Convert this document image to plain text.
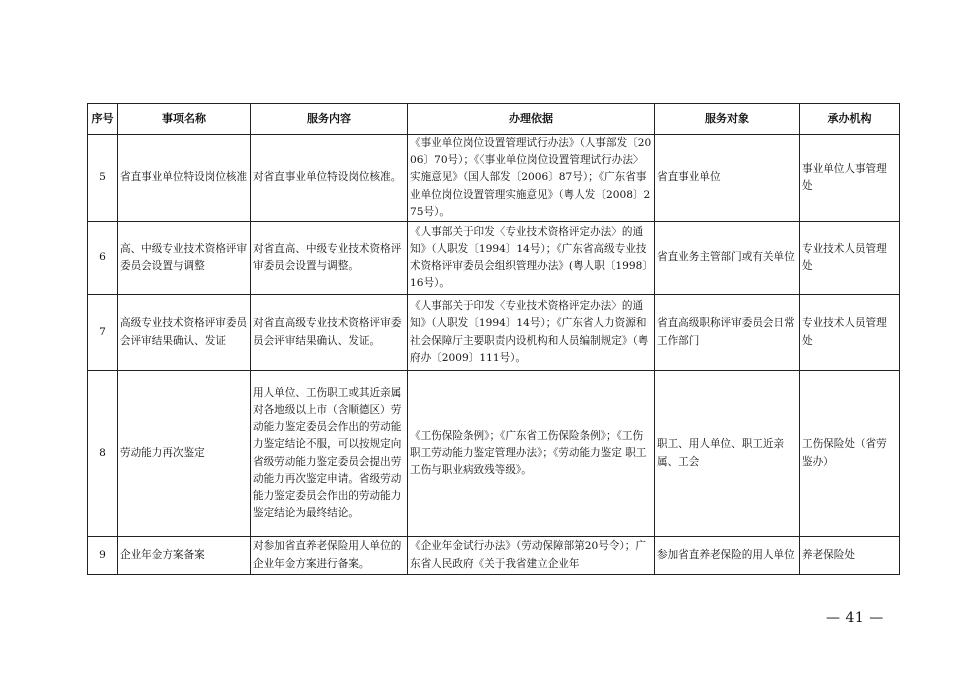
序号	事项名称	服务内容	办理依据	服务对象	承办机构
5	省直事业单位特设岗位核准	对省直事业单位特设岗位核准。	《事业单位岗位设置管理试行办法》（人事部发〔2006〕70号）；《〈事业单位岗位设置管理试行办法〉实施意见》（国人部发〔2006〕87号）；《广东省事业单位岗位设置管理实施意见》（粤人发〔2008〕275号）。	省直事业单位	事业单位人事管理处
6	高、中级专业技术资格评审委员会设置与调整	对省直高、中级专业技术资格评审委员会设置与调整。	《人事部关于印发〈专业技术资格评定办法〉的通知》（人职发〔1994〕14号）；《广东省高级专业技术资格评审委员会组织管理办法》(粤人职〔1998〕16号）。	省直业务主管部门或有关单位	专业技术人员管理处
7	高级专业技术资格评审委员会评审结果确认、发证	对省直高级专业技术资格评审委员会评审结果确认、发证。	《人事部关于印发〈专业技术资格评定办法〉的通知》（人职发〔1994〕14号）；《广东省人力资源和社会保障厅主要职责内设机构和人员编制规定》（粤府办〔2009〕111号）。	省直高级职称评审委员会日常工作部门	专业技术人员管理处
8	劳动能力再次鉴定	用人单位、工伤职工或其近亲属对各地级以上市（含顺德区）劳动能力鉴定委员会作出的劳动能力鉴定结论不服，可以按规定向省级劳动能力鉴定委员会提出劳动能力再次鉴定申请。省级劳动能力鉴定委员会作出的劳动能力鉴定结论为最终结论。	《工伤保险条例》；《广东省工伤保险条例》；《工伤职工劳动能力鉴定管理办法》；《劳动能力鉴定 职工工伤与职业病致残等级》。	职工、用人单位、职工近亲属、工会	工伤保险处（省劳鉴办）
9	企业年金方案备案	对参加省直养老保险用人单位的企业年金方案进行备案。	《企业年金试行办法》（劳动保障部第20号令）；广东省人民政府《关于我省建立企业年	参加省直养老保险的用人单位	养老保险处
— 41 —
